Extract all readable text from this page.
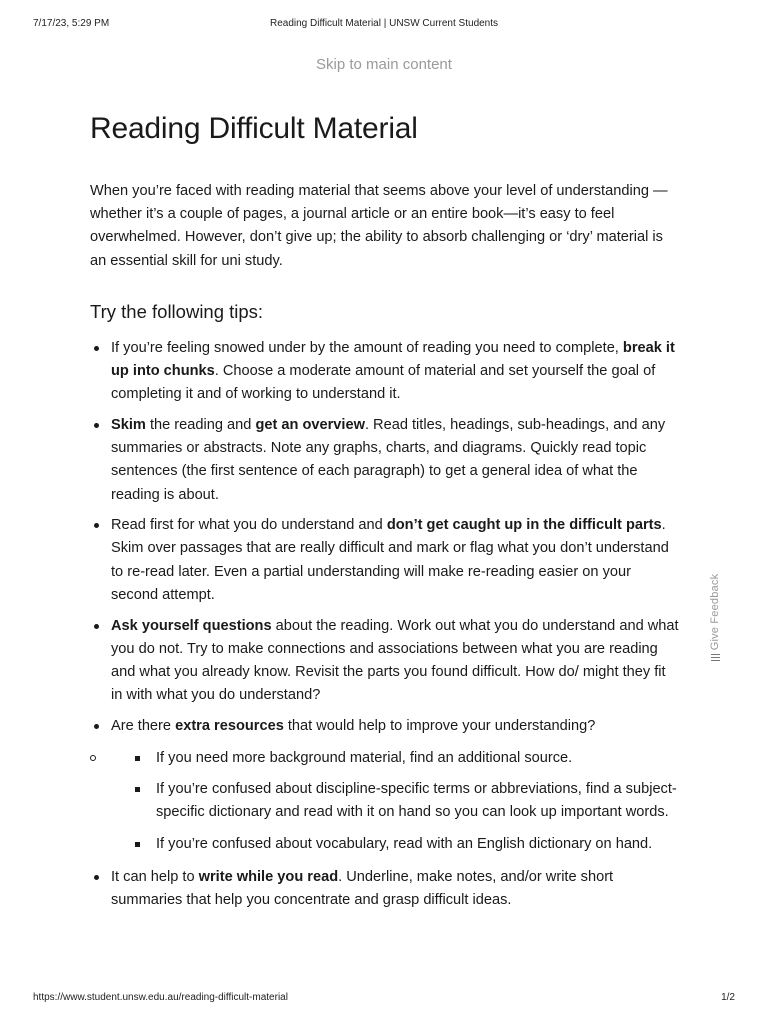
7/17/23, 5:29 PM	Reading Difficult Material | UNSW Current Students
Skip to main content
Reading Difficult Material

When you’re faced with reading material that seems above your level of understanding —whether it’s a couple of pages, a journal article or an entire book—it’s easy to feel overwhelmed. However, don’t give up; the ability to absorb challenging or ‘dry’ material is an essential skill for uni study.

Try the following tips:
If you’re feeling snowed under by the amount of reading you need to complete, break it up into chunks. Choose a moderate amount of material and set yourself the goal of completing it and of working to understand it.
Skim the reading and get an overview. Read titles, headings, sub-headings, and any summaries or abstracts. Note any graphs, charts, and diagrams. Quickly read topic sentences (the first sentence of each paragraph) to get a general idea of what the reading is about.
Read first for what you do understand and don’t get caught up in the difficult parts. Skim over passages that are really difficult and mark or flag what you don’t understand to re-read later. Even a partial understanding will make re-reading easier on your second attempt.
Ask yourself questions about the reading. Work out what you do understand and what you do not. Try to make connections and associations between what you are reading and what you already know. Revisit the parts you found difficult. How do/ might they fit in with what you do understand?
Are there extra resources that would help to improve your understanding?
If you need more background material, find an additional source.
If you’re confused about discipline-specific terms or abbreviations, find a subject-specific dictionary and read with it on hand so you can look up important words.
If you’re confused about vocabulary, read with an English dictionary on hand.
It can help to write while you read. Underline, make notes, and/or write short summaries that help you concentrate and grasp difficult ideas.
Give Feedback
https://www.student.unsw.edu.au/reading-difficult-material	1/2
